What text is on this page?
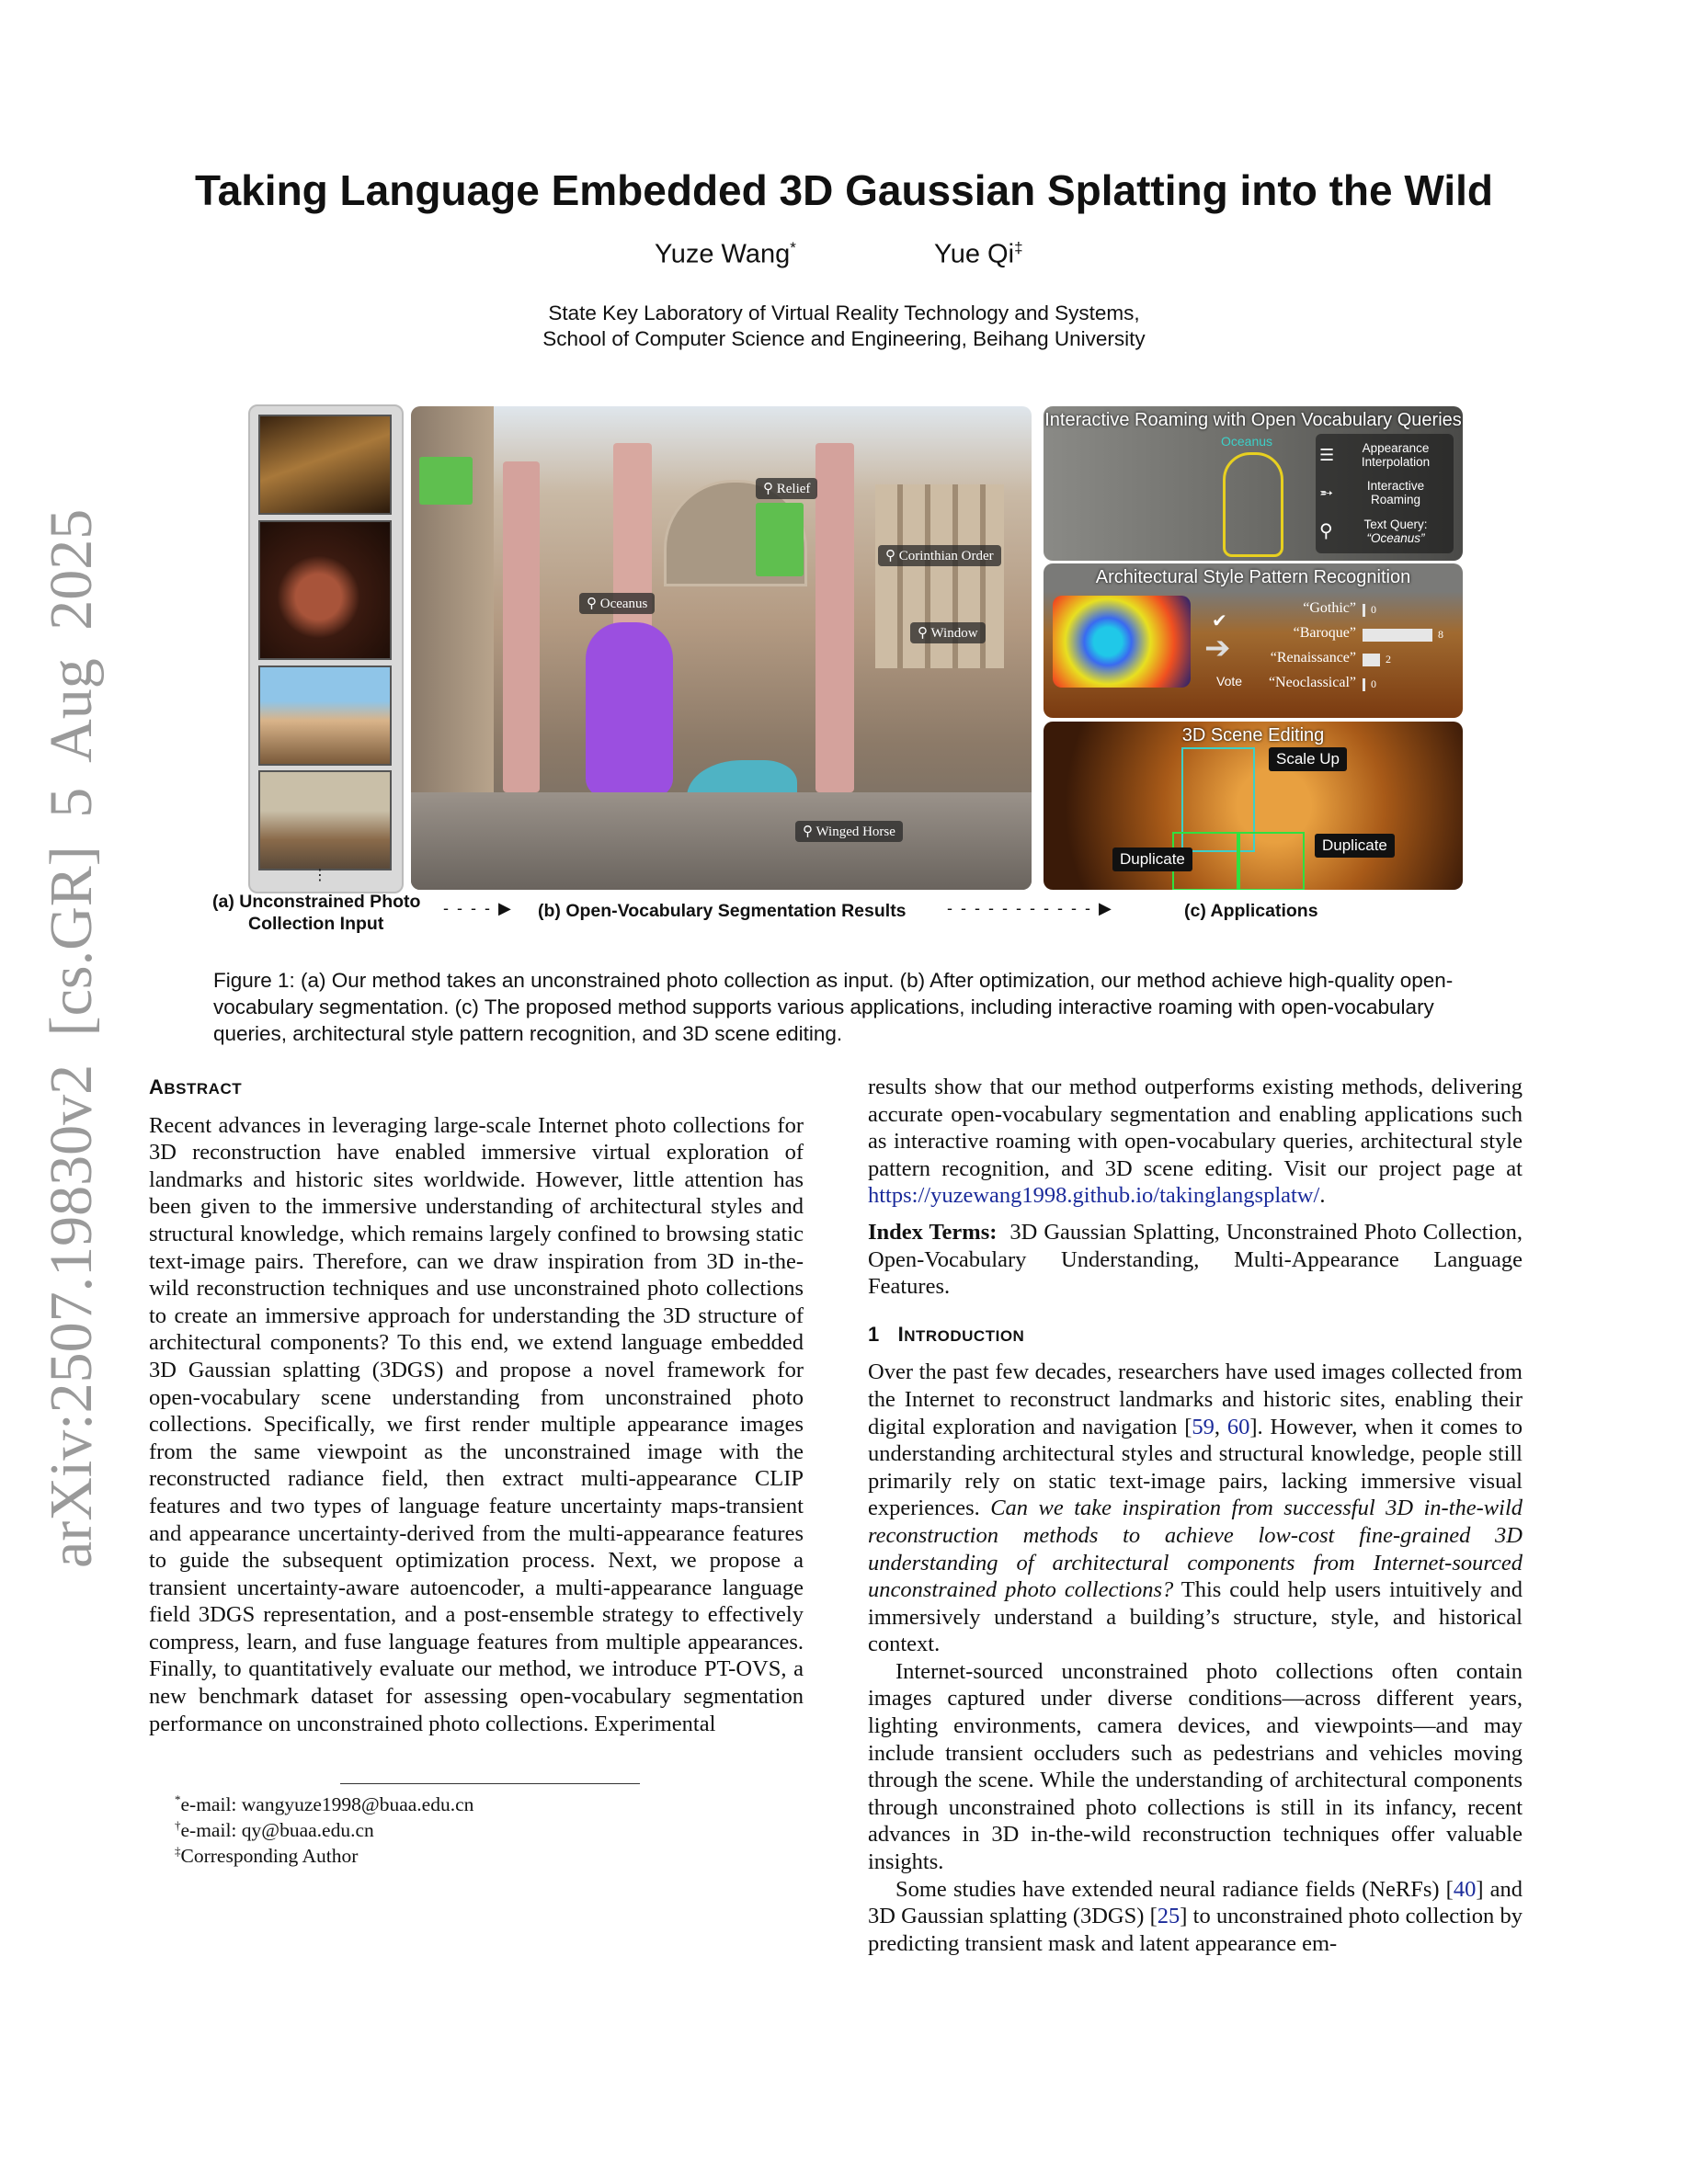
arXiv:2507.19830v2 [cs.GR] 5 Aug 2025
Taking Language Embedded 3D Gaussian Splatting into the Wild
Yuze Wang*	Yue Qi‡
State Key Laboratory of Virtual Reality Technology and Systems,
School of Computer Science and Engineering, Beihang University
⋮
⚲ Relief
⚲ Corinthian Order
⚲ Oceanus
⚲ Window
⚲ Winged Horse
Interactive Roaming with Open Vocabulary Queries
Oceanus
☰	Appearance Interpolation
➵	Interactive Roaming
⚲	Text Query:
“Oceanus”
Architectural Style Pattern Recognition
✔
➔
Vote
“Gothic” 0
“Baroque”	8
“Renaissance”	2
“Neoclassical” 0
3D Scene Editing
Scale Up
Duplicate
Duplicate
(a) Unconstrained Photo
Collection Input
- - - - ▶ (b) Open-Vocabulary Segmentation Results - - - - - - - - - - - ▶	(c) Applications
Figure 1: (a) Our method takes an unconstrained photo collection as input. (b) After optimization, our method achieve high-quality open-vocabulary segmentation. (c) The proposed method supports various applications, including interactive roaming with open-vocabulary queries, architectural style pattern recognition, and 3D scene editing.
ABSTRACT

Recent advances in leveraging large-scale Internet photo collections for 3D reconstruction have enabled immersive virtual exploration of landmarks and historic sites worldwide. However, little attention has been given to the immersive understanding of architectural styles and structural knowledge, which remains largely confined to browsing static text-image pairs. Therefore, can we draw inspiration from 3D in-the-wild reconstruction techniques and use unconstrained photo collections to create an immersive approach for understanding the 3D structure of architectural components? To this end, we extend language embedded 3D Gaussian splatting (3DGS) and propose a novel framework for open-vocabulary scene understanding from unconstrained photo collections. Specifically, we first render multiple appearance images from the same viewpoint as the unconstrained image with the reconstructed radiance field, then extract multi-appearance CLIP features and two types of language feature uncertainty maps-transient and appearance uncertainty-derived from the multi-appearance features to guide the subsequent optimization process. Next, we propose a transient uncertainty-aware autoencoder, a multi-appearance language field 3DGS representation, and a post-ensemble strategy to effectively compress, learn, and fuse language features from multiple appearances. Finally, to quantitatively evaluate our method, we introduce PT-OVS, a new benchmark dataset for assessing open-vocabulary segmentation performance on unconstrained photo collections. Experimental

*e-mail: wangyuze1998@buaa.edu.cn
†e-mail: qy@buaa.edu.cn
‡Corresponding Author

results show that our method outperforms existing methods, delivering accurate open-vocabulary segmentation and enabling applications such as interactive roaming with open-vocabulary queries, architectural style pattern recognition, and 3D scene editing. Visit our project page at https://yuzewang1998.github.io/takinglangsplatw/.

Index Terms: 3D Gaussian Splatting, Unconstrained Photo Collection, Open-Vocabulary Understanding, Multi-Appearance Language Features.

1 INTRODUCTION

Over the past few decades, researchers have used images collected from the Internet to reconstruct landmarks and historic sites, enabling their digital exploration and navigation [59, 60]. However, when it comes to understanding architectural styles and structural knowledge, people still primarily rely on static text-image pairs, lacking immersive visual experiences. Can we take inspiration from successful 3D in-the-wild reconstruction methods to achieve low-cost fine-grained 3D understanding of architectural components from Internet-sourced unconstrained photo collections? This could help users intuitively and immersively understand a building’s structure, style, and historical context.

Internet-sourced unconstrained photo collections often contain images captured under diverse conditions—across different years, lighting environments, camera devices, and viewpoints—and may include transient occluders such as pedestrians and vehicles moving through the scene. While the understanding of architectural components through unconstrained photo collections is still in its infancy, recent advances in 3D in-the-wild reconstruction techniques offer valuable insights.

Some studies have extended neural radiance fields (NeRFs) [40] and 3D Gaussian splatting (3DGS) [25] to unconstrained photo collection by predicting transient mask and latent appearance em-
